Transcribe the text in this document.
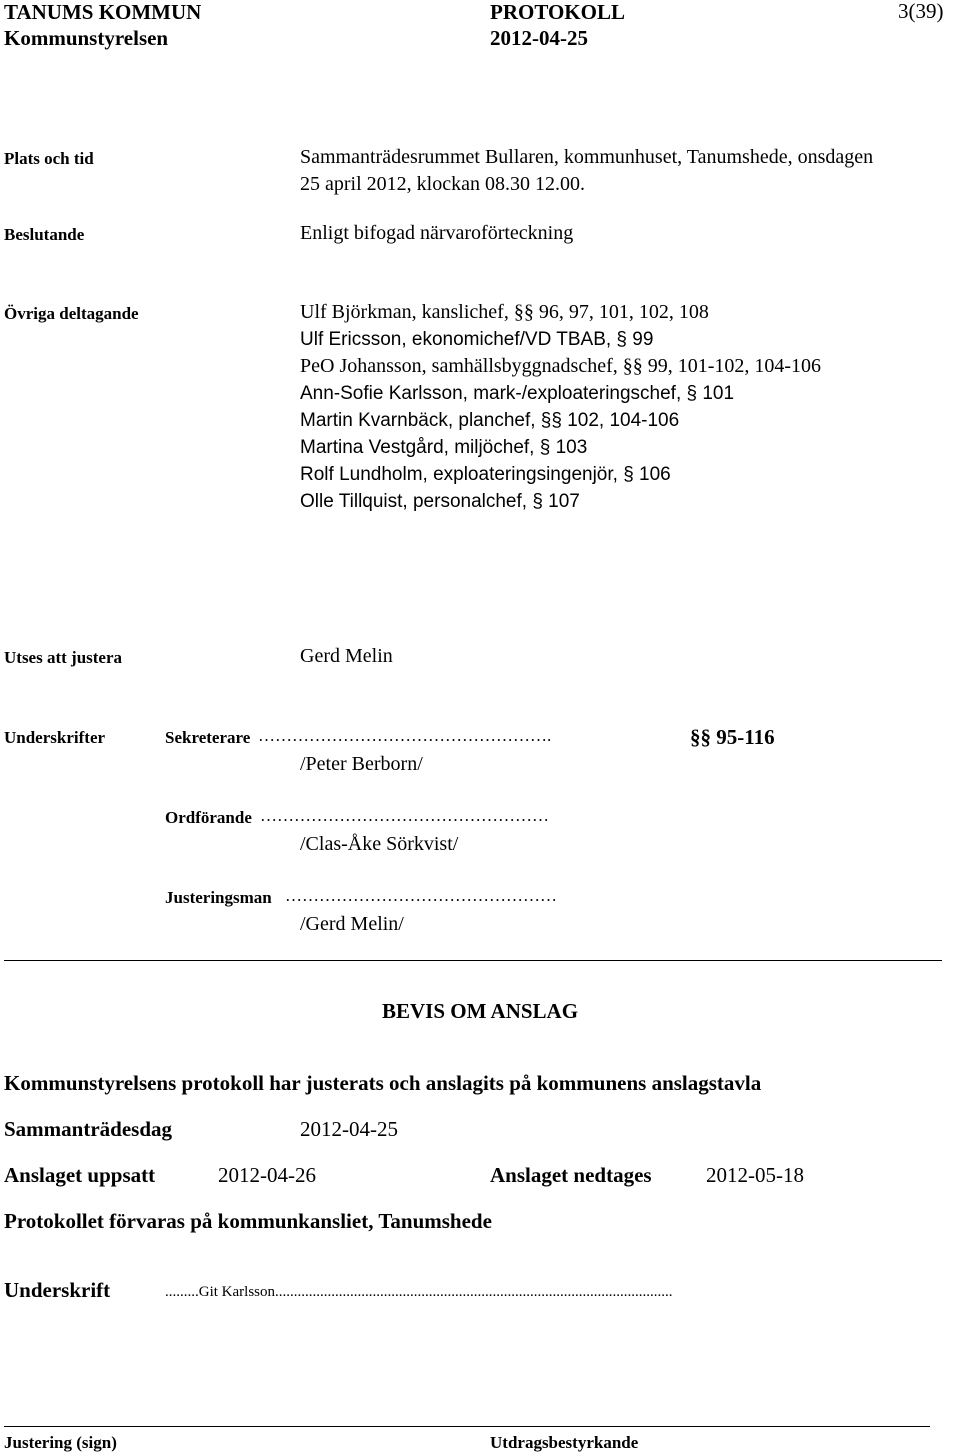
TANUMS KOMMUN
Kommunstyrelsen
PROTOKOLL
2012-04-25
3(39)
Plats och tid	Sammanträdesrummet Bullaren, kommunhuset, Tanumshede, onsdagen
25 april 2012, klockan 08.30 12.00.
Beslutande	Enligt bifogad närvaroförteckning
Övriga deltagande	Ulf Björkman, kanslichef, §§ 96, 97, 101, 102, 108
Ulf Ericsson, ekonomichef/VD TBAB, § 99
PeO Johansson, samhällsbyggnadschef, §§ 99, 101-102, 104-106
Ann-Sofie Karlsson, mark-/exploateringschef, § 101
Martin Kvarnbäck, planchef, §§ 102, 104-106
Martina Vestgård, miljöchef, § 103
Rolf Lundholm, exploateringsingenjör, § 106
Olle Tillquist, personalchef, § 107
Utses att justera	Gerd Melin
Underskrifter	Sekreterare …………………………………………….	§§ 95-116
/Peter Berborn/
Ordförande ……………………………………………
/Clas-Åke Sörkvist/
Justeringsman …………………………………………
/Gerd Melin/
BEVIS OM ANSLAG
Kommunstyrelsens protokoll har justerats och anslagits på kommunens anslagstavla
Sammanträdesdag	2012-04-25
Anslaget uppsatt	2012-04-26	Anslaget nedtages	2012-05-18
Protokollet förvaras på kommunkansliet, Tanumshede
Underskrift	.........Git Karlsson..........................................................................................................
Justering (sign)	Utdragsbestyrkande
